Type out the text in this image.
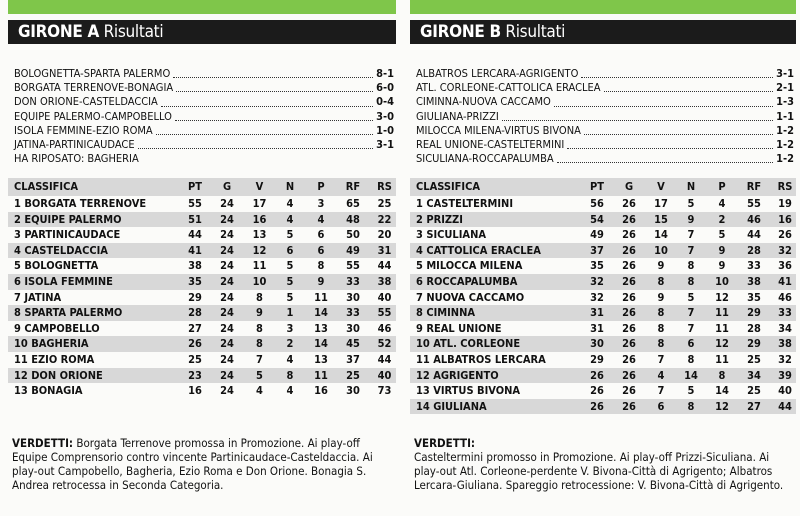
GIRONE A Risultati
BOLOGNETTA-SPARTA PALERMO	8-1
BORGATA TERRENOVE-BONAGIA	6-0
DON ORIONE-CASTELDACCIA	0-4
EQUIPE PALERMO-CAMPOBELLO	3-0
ISOLA FEMMINE-EZIO ROMA	1-0
JATINA-PARTINICAUDACE	3-1
HA RIPOSATO: BAGHERIA
CLASSIFICA	PT	G	V	N	P	RF	RS
1 BORGATA TERRENOVE	55	24	17	4	3	65	25
2 EQUIPE PALERMO	51	24	16	4	4	48	22
3 PARTINICAUDACE	44	24	13	5	6	50	20
4 CASTELDACCIA	41	24	12	6	6	49	31
5 BOLOGNETTA	38	24	11	5	8	55	44
6 ISOLA FEMMINE	35	24	10	5	9	33	38
7 JATINA	29	24	8	5	11	30	40
8 SPARTA PALERMO	28	24	9	1	14	33	55
9 CAMPOBELLO	27	24	8	3	13	30	46
10 BAGHERIA	26	24	8	2	14	45	52
11 EZIO ROMA	25	24	7	4	13	37	44
12 DON ORIONE	23	24	5	8	11	25	40
13 BONAGIA	16	24	4	4	16	30	73
VERDETTI: Borgata Terrenove promossa in Promozione. Ai play-off Equipe Comprensorio contro vincente Partinicaudace-Casteldaccia. Ai play-out Campobello, Bagheria, Ezio Roma e Don Orione. Bonagia S. Andrea retrocessa in Seconda Categoria.
GIRONE B Risultati
ALBATROS LERCARA-AGRIGENTO	3-1
ATL. CORLEONE-CATTOLICA ERACLEA	2-1
CIMINNA-NUOVA CACCAMO	1-3
GIULIANA-PRIZZI	1-1
MILOCCA MILENA-VIRTUS BIVONA	1-2
REAL UNIONE-CASTELTERMINI	1-2
SICULIANA-ROCCAPALUMBA	1-2
CLASSIFICA	PT	G	V	N	P	RF	RS
1 CASTELTERMINI	56	26	17	5	4	55	19
2 PRIZZI	54	26	15	9	2	46	16
3 SICULIANA	49	26	14	7	5	44	26
4 CATTOLICA ERACLEA	37	26	10	7	9	28	32
5 MILOCCA MILENA	35	26	9	8	9	33	36
6 ROCCAPALUMBA	32	26	8	8	10	38	41
7 NUOVA CACCAMO	32	26	9	5	12	35	46
8 CIMINNA	31	26	8	7	11	29	33
9 REAL UNIONE	31	26	8	7	11	28	34
10 ATL. CORLEONE	30	26	8	6	12	29	38
11 ALBATROS LERCARA	29	26	7	8	11	25	32
12 AGRIGENTO	26	26	4	14	8	34	39
13 VIRTUS BIVONA	26	26	7	5	14	25	40
14 GIULIANA	26	26	6	8	12	27	44
VERDETTI:
Casteltermini promosso in Promozione. Ai play-off Prizzi-Siculiana. Ai play-out Atl. Corleone-perdente V. Bivona-Città di Agrigento; Albatros Lercara-Giuliana. Spareggio retrocessione: V. Bivona-Città di Agrigento.
